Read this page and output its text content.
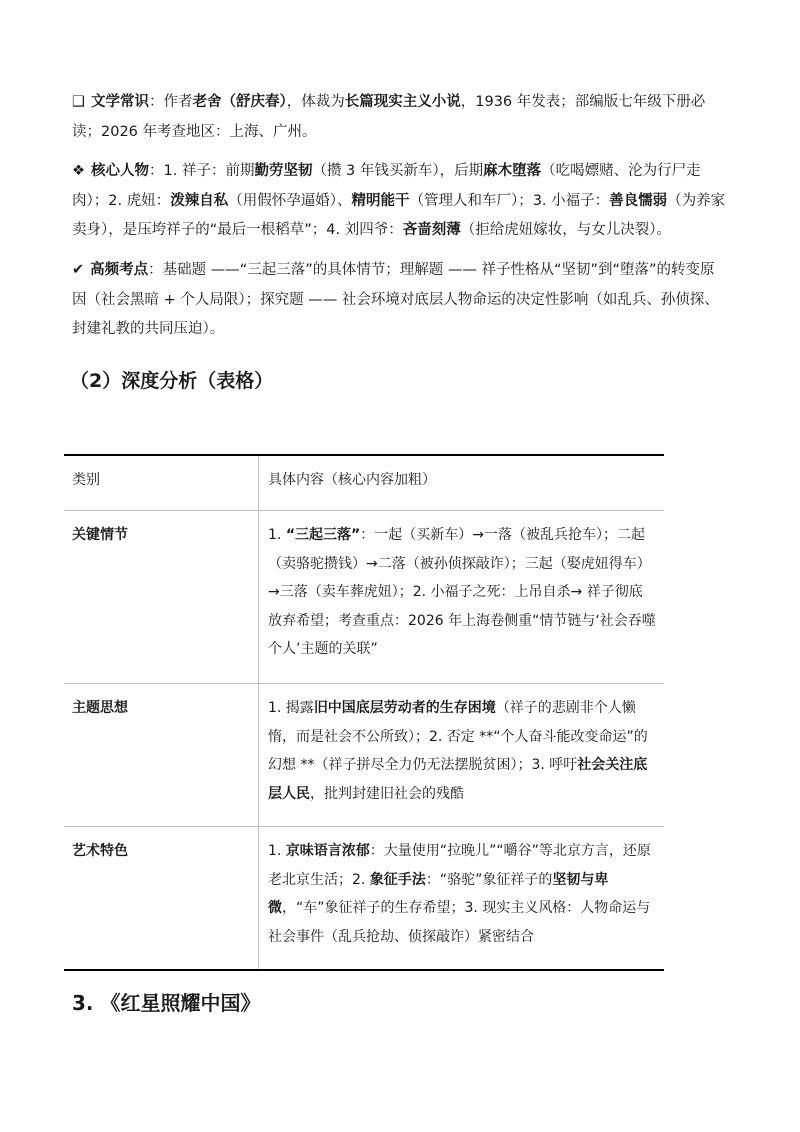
❑ 文学常识：作者老舍（舒庆春），体裁为长篇现实主义小说，1936 年发表；部编版七年级下册必读；2026 年考查地区：上海、广州。

❖ 核心人物：1. 祥子：前期勤劳坚韧（攒 3 年钱买新车），后期麻木堕落（吃喝嫖赌、沦为行尸走肉）；2. 虎妞：泼辣自私（用假怀孕逼婚）、精明能干（管理人和车厂）；3. 小福子：善良懦弱（为养家卖身），是压垮祥子的“最后一根稻草”；4. 刘四爷：吝啬刻薄（拒给虎妞嫁妆，与女儿决裂）。

✔ 高频考点：基础题 ——“三起三落”的具体情节；理解题 —— 祥子性格从“坚韧”到“堕落”的转变原因（社会黑暗 + 个人局限）；探究题 —— 社会环境对底层人物命运的决定性影响（如乱兵、孙侦探、封建礼教的共同压迫）。

（2）深度分析（表格）
类别	具体内容（核心内容加粗）
关键情节	1. “三起三落”：一起（买新车）→一落（被乱兵抢车）；二起（卖骆驼攒钱）→二落（被孙侦探敲诈）；三起（娶虎妞得车）→三落（卖车葬虎妞）；2. 小福子之死：上吊自杀→ 祥子彻底放弃希望；考查重点：2026 年上海卷侧重“情节链与‘社会吞噬个人’主题的关联”
主题思想	1. 揭露旧中国底层劳动者的生存困境（祥子的悲剧非个人懒惰，而是社会不公所致）；2. 否定 **“个人奋斗能改变命运”的幻想 **（祥子拼尽全力仍无法摆脱贫困）；3. 呼吁社会关注底层人民，批判封建旧社会的残酷
艺术特色	1. 京味语言浓郁：大量使用“拉晚儿”“嚼谷”等北京方言，还原老北京生活；2. 象征手法：“骆驼”象征祥子的坚韧与卑微，“车”象征祥子的生存希望；3. 现实主义风格：人物命运与社会事件（乱兵抢劫、侦探敲诈）紧密结合
3. 《红星照耀中国》
